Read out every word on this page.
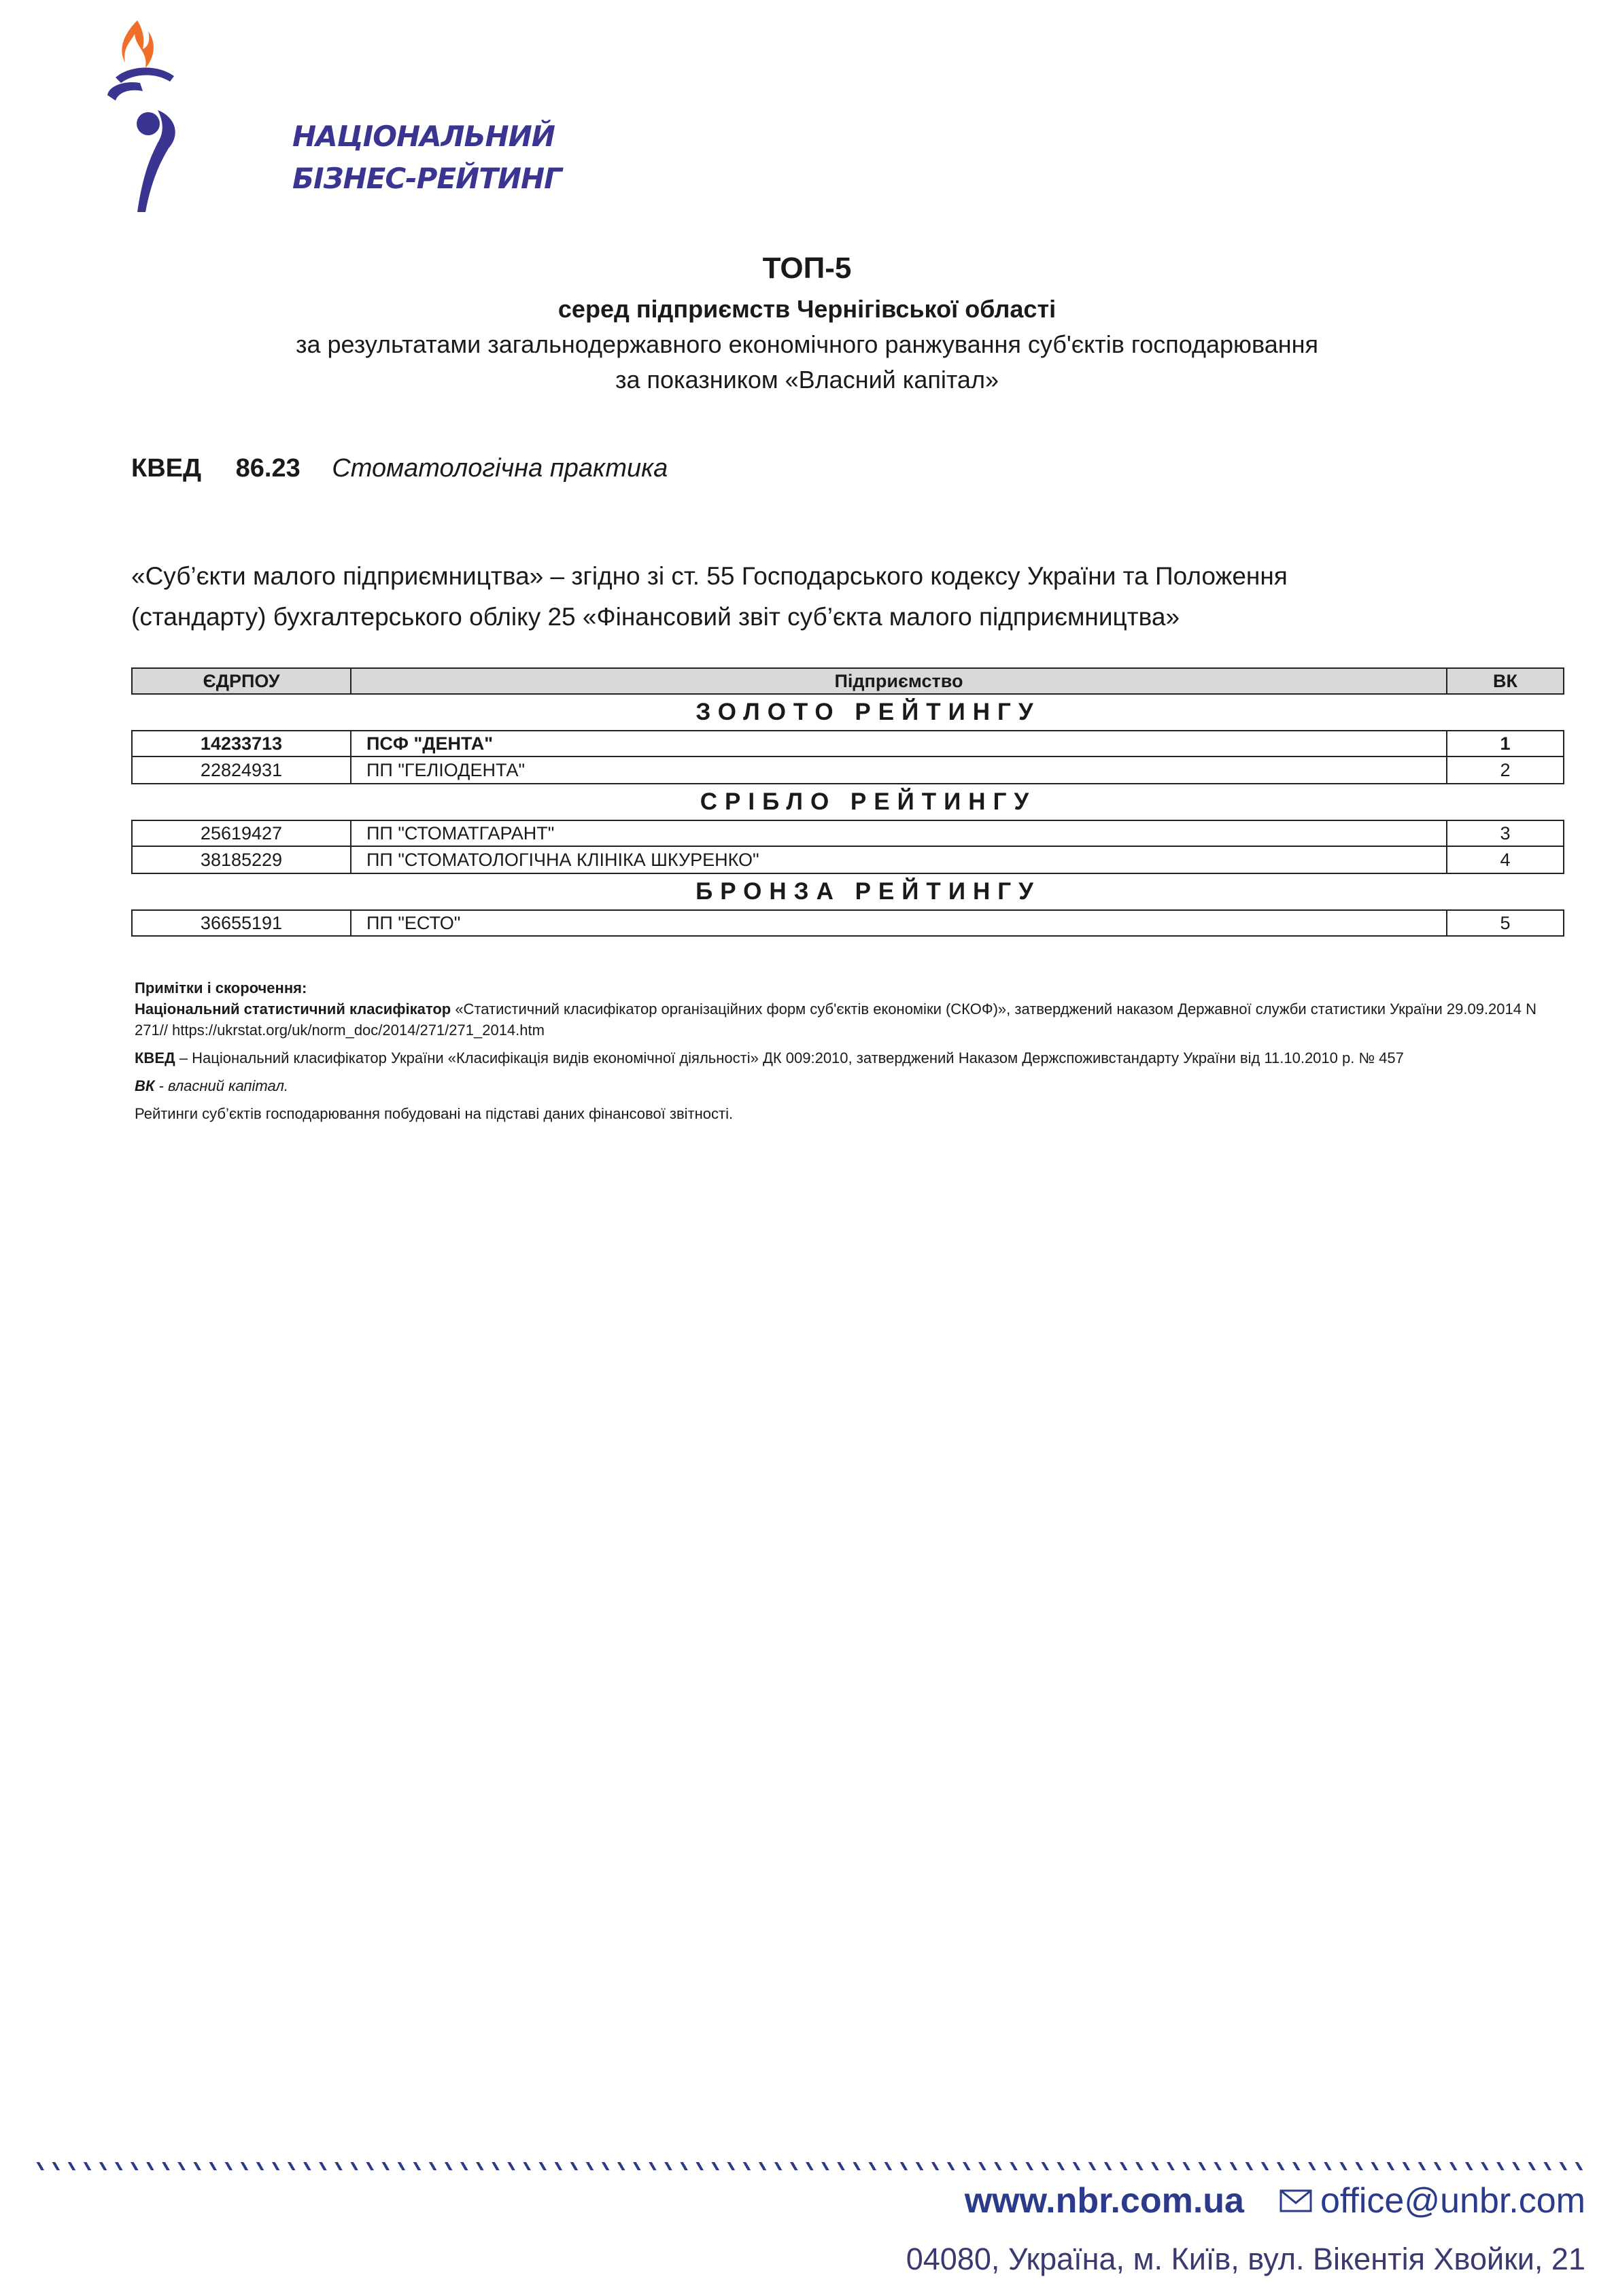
НАЦІОНАЛЬНИЙ
БІЗНЕС-РЕЙТИНГ
ТОП-5
серед підприємств Чернігівської області
за результатами загальнодержавного економічного ранжування суб'єктів господарювання
за показником «Власний капітал»
КВЕД 86.23 Стоматологічна практика
«Суб’єкти малого підприємництва» – згідно зі ст. 55 Господарського кодексу України та Положення
(стандарту) бухгалтерського обліку 25 «Фінансовий звіт суб’єкта малого підприємництва»
ЄДРПОУ	Підприємство	ВК
ЗОЛОТО РЕЙТИНГУ
14233713	ПСФ "ДЕНТА"	1
22824931	ПП "ГЕЛІОДЕНТА"	2
СРІБЛО РЕЙТИНГУ
25619427	ПП "СТОМАТГАРАНТ"	3
38185229	ПП "СТОМАТОЛОГІЧНА КЛІНІКА ШКУРЕНКО"	4
БРОНЗА РЕЙТИНГУ
36655191	ПП "ЕСТО"	5

Примітки і скорочення:

Національний статистичний класифікатор «Статистичний класифікатор організаційних форм суб'єктів економіки (СКОФ)», затверджений наказом Державної служби статистики України 29.09.2014 N 271// https://ukrstat.org/uk/norm_doc/2014/271/271_2014.htm

КВЕД – Національний класифікатор України «Класифікація видів економічної діяльності» ДК 009:2010, затверджений Наказом Держспоживстандарту України від 11.10.2010 р. № 457

ВК - власний капітал.

Рейтинги суб’єктів господарювання побудовані на підставі даних фінансової звітності.

www.nbr.com.ua office@unbr.com
04080, Україна, м. Київ, вул. Вікентія Хвойки, 21
